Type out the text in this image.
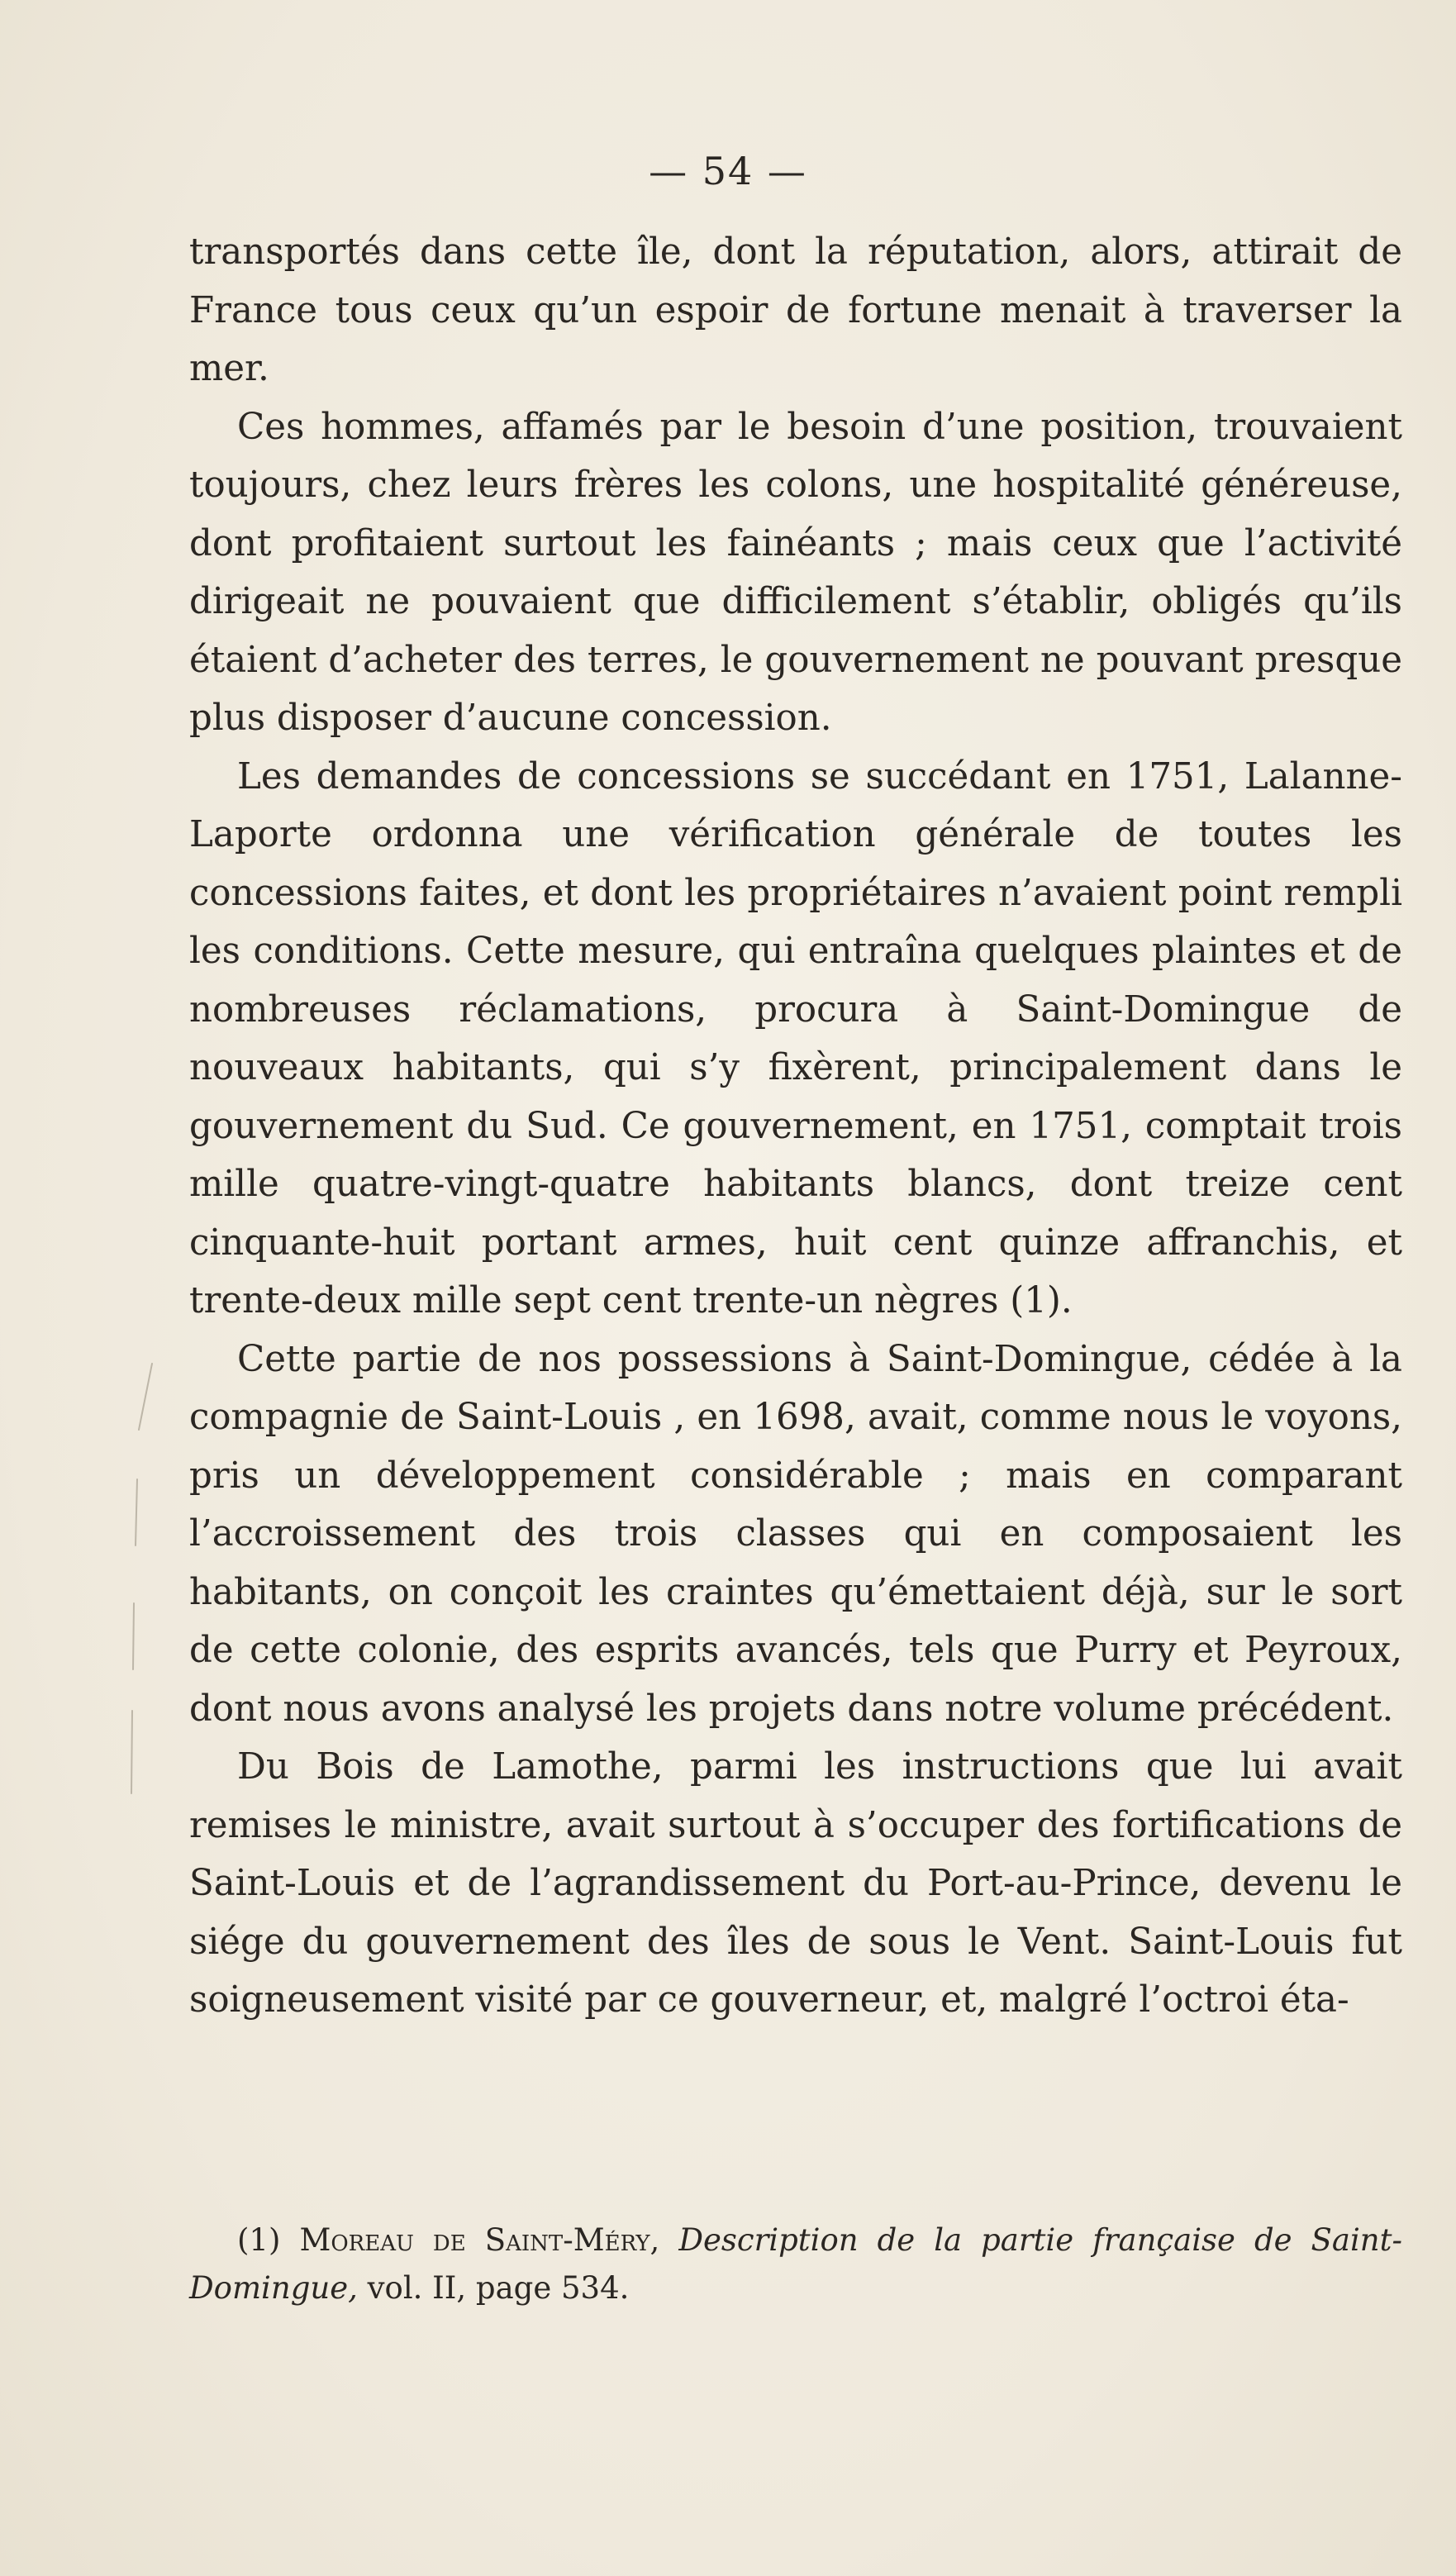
— 54 —

transportés dans cette île, dont la réputation, alors, attirait de France tous ceux qu’un espoir de fortune menait à traverser la mer.

Ces hommes, affamés par le besoin d’une position, trouvaient toujours, chez leurs frères les colons, une hospitalité généreuse, dont profitaient surtout les fainéants ; mais ceux que l’activité dirigeait ne pouvaient que difficilement s’établir, obligés qu’ils étaient d’acheter des terres, le gouvernement ne pouvant presque plus disposer d’aucune concession.

Les demandes de concessions se succédant en 1751, Lalanne-Laporte ordonna une vérification générale de toutes les concessions faites, et dont les propriétaires n’avaient point rempli les conditions. Cette mesure, qui entraîna quelques plaintes et de nombreuses réclamations, procura à Saint-Domingue de nouveaux habitants, qui s’y fixèrent, principalement dans le gouvernement du Sud. Ce gouvernement, en 1751, comptait trois mille quatre-vingt-quatre habitants blancs, dont treize cent cinquante-huit portant armes, huit cent quinze affranchis, et trente-deux mille sept cent trente-un nègres (1).

Cette partie de nos possessions à Saint-Domingue, cédée à la compagnie de Saint-Louis , en 1698, avait, comme nous le voyons, pris un développement considérable ; mais en comparant l’accroissement des trois classes qui en composaient les habitants, on conçoit les craintes qu’émettaient déjà, sur le sort de cette colonie, des esprits avancés, tels que Purry et Peyroux, dont nous avons analysé les projets dans notre volume précédent.

Du Bois de Lamothe, parmi les instructions que lui avait remises le ministre, avait surtout à s’occuper des fortifications de Saint-Louis et de l’agrandissement du Port-au-Prince, devenu le siége du gouvernement des îles de sous le Vent. Saint-Louis fut soigneusement visité par ce gouverneur, et, malgré l’octroi éta-

(1) Moreau de Saint-Méry, Description de la partie française de Saint-Domingue, vol. II, page 534.
